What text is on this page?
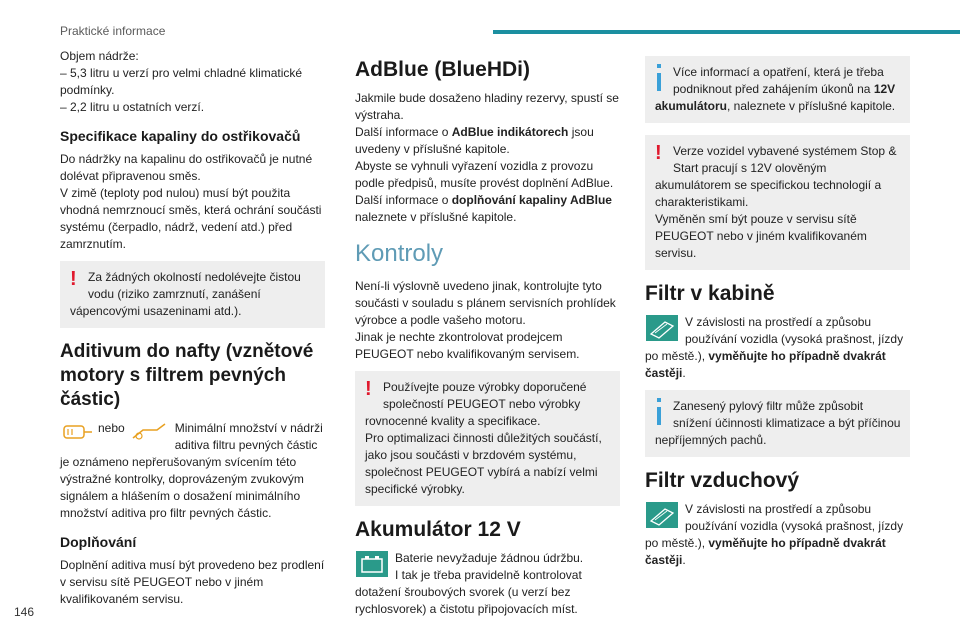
Praktické informace
146

Objem nádrže:
– 5,3 litru u verzí pro velmi chladné klimatické podmínky.
– 2,2 litru u ostatních verzí.

Specifikace kapaliny do ostřikovačů

Do nádržky na kapalinu do ostřikovačů je nutné dolévat připravenou směs.
V zimě (teploty pod nulou) musí být použita vhodná nemrznoucí směs, která ochrání součásti systému (čerpadlo, nádrž, vedení atd.) před zamrznutím.

! Za žádných okolností nedolévejte čistou vodu (riziko zamrznutí, zanášení vápencovými usazeninami atd.).
Aditivum do nafty (vznětové motory s filtrem pevných částic)
nebo	Minimální množství v nádrži aditiva filtru pevných částic

je oznámeno nepřerušovaným svícením této výstražné kontrolky, doprovázeným zvukovým signálem a hlášením o dosažení minimálního množství aditiva pro filtr pevných částic.

Doplňování

Doplnění aditiva musí být provedeno bez prodlení v servisu sítě PEUGEOT nebo v jiném kvalifikovaném servisu.

AdBlue (BlueHDi)

Jakmile bude dosaženo hladiny rezervy, spustí se výstraha.
Další informace o AdBlue indikátorech jsou uvedeny v příslušné kapitole.
Abyste se vyhnuli vyřazení vozidla z provozu podle předpisů, musíte provést doplnění AdBlue.
Další informace o doplňování kapaliny AdBlue naleznete v příslušné kapitole.

Kontroly

Není-li výslovně uvedeno jinak, kontrolujte tyto součásti v souladu s plánem servisních prohlídek výrobce a podle vašeho motoru.
Jinak je nechte zkontrolovat prodejcem PEUGEOT nebo kvalifikovaným servisem.

! Používejte pouze výrobky doporučené společností PEUGEOT nebo výrobky rovnocenné kvality a specifikace.
Pro optimalizaci činnosti důležitých součástí, jako jsou součásti v brzdovém systému, společnost PEUGEOT vybírá a nabízí velmi specifické výrobky.
Akumulátor 12 V
Baterie nevyžaduje žádnou údržbu.
I tak je třeba pravidelně kontrolovat dotažení šroubových svorek (u verzí bez rychlosvorek) a čistotu připojovacích míst.
Více informací a opatření, která je třeba podniknout před zahájením úkonů na 12V akumulátoru, naleznete v příslušné kapitole.
! Verze vozidel vybavené systémem Stop & Start pracují s 12V olověným akumulátorem se specifickou technologií a charakteristikami.
Vyměněn smí být pouze v servisu sítě PEUGEOT nebo v jiném kvalifikovaném servisu.
Filtr v kabině
V závislosti na prostředí a způsobu používání vozidla (vysoká prašnost, jízdy po městě.), vyměňujte ho případně dvakrát častěji.
Zanesený pylový filtr může způsobit snížení účinnosti klimatizace a být příčinou nepříjemných pachů.
Filtr vzduchový
V závislosti na prostředí a způsobu používání vozidla (vysoká prašnost, jízdy po městě.), vyměňujte ho případně dvakrát častěji.
